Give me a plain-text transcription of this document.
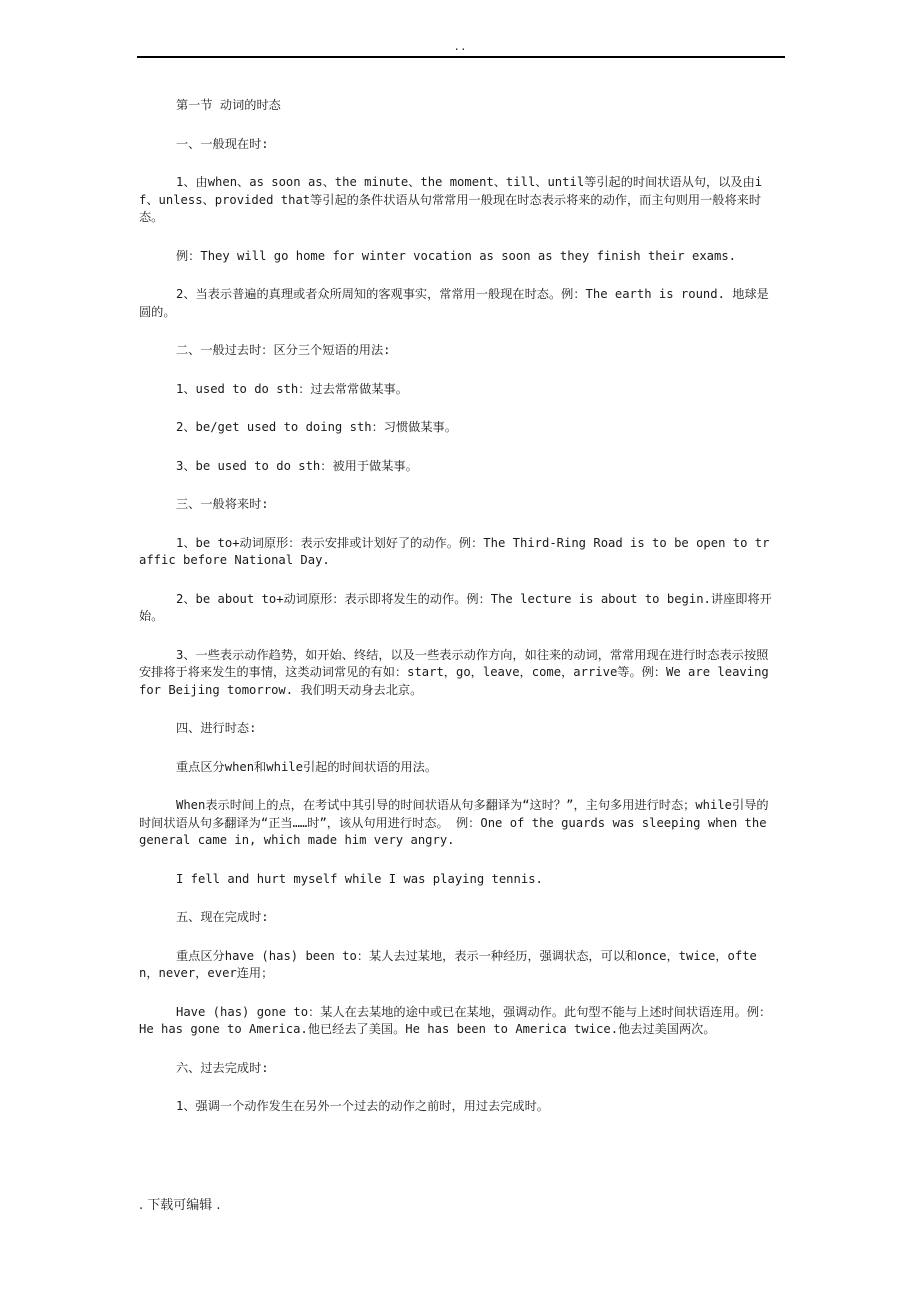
..

第一节 动词的时态

一、一般现在时:

1、由when、as soon as、the minute、the moment、till、until等引起的时间状语从句，以及由if、unless、provided that等引起的条件状语从句常常用一般现在时态表示将来的动作，而主句则用一般将来时态。

例：They will go home for winter vocation as soon as they finish their exams.

2、当表示普遍的真理或者众所周知的客观事实，常常用一般现在时态。例：The earth is round. 地球是圆的。

二、一般过去时：区分三个短语的用法:

1、used to do sth：过去常常做某事。

2、be/get used to doing sth：习惯做某事。

3、be used to do sth：被用于做某事。

三、一般将来时:

1、be to+动词原形：表示安排或计划好了的动作。例：The Third-Ring Road is to be open to traffic before National Day.

2、be about to+动词原形：表示即将发生的动作。例：The lecture is about to begin.讲座即将开始。

3、一些表示动作趋势，如开始、终结，以及一些表示动作方向，如往来的动词，常常用现在进行时态表示按照安排将于将来发生的事情，这类动词常见的有如：start，go，leave，come，arrive等。例：We are leaving for Beijing tomorrow. 我们明天动身去北京。

四、进行时态:

重点区分when和while引起的时间状语的用法。

When表示时间上的点，在考试中其引导的时间状语从句多翻译为“这时？”，主句多用进行时态；while引导的时间状语从句多翻译为“正当……时”，该从句用进行时态。 例：One of the guards was sleeping when the general came in, which made him very angry.

I fell and hurt myself while I was playing tennis.

五、现在完成时:

重点区分have (has) been to：某人去过某地，表示一种经历，强调状态，可以和once，twice，often，never，ever连用；

Have (has) gone to：某人在去某地的途中或已在某地，强调动作。此句型不能与上述时间状语连用。例：He has gone to America.他已经去了美国。He has been to America twice.他去过美国两次。

六、过去完成时:

1、强调一个动作发生在另外一个过去的动作之前时，用过去完成时。

. 下载可编辑 .
